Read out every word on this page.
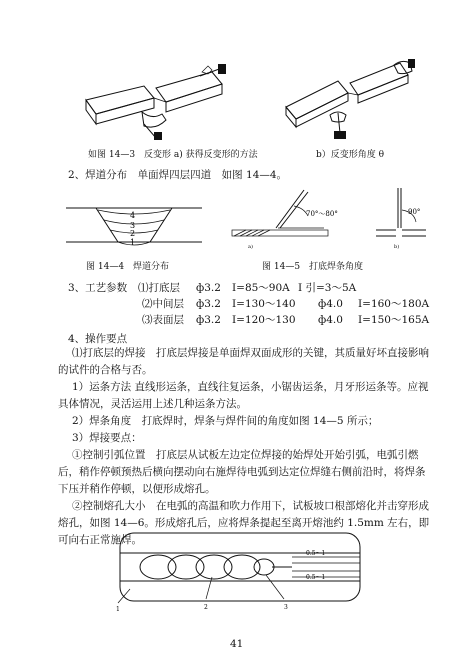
如图 14—3　反变形 a) 获得反变形的方法	b）反变形角度 θ
2、焊道分布　单面焊四层四道　如图 14—4。
4
3
2
1
70°～80°
a)
90°
b)
图 14—4　焊道分布	图 14—5　打底焊条角度
3、工艺参数 ⑴打底层 ф3.2 I=85～90A I 引=3～5A
⑵中间层 ф3.2 I=130～140 ф4.0 I=160～180A
⑶表面层 ф3.2 I=120～130 ф4.0 I=150～165A
4、操作要点
⑴打底层的焊接　打底层焊接是单面焊双面成形的关键，其质量好坏直接影响的试件的合格与否。
1）运条方法 直线形运条，直线往复运条，小锯齿运条，月牙形运条等。应视具体情况，灵活运用上述几种运条方法。
2）焊条角度　打底焊时，焊条与焊件间的角度如图 14—5 所示；
3）焊接要点：
①控制引弧位置　打底层从试板左边定位焊接的始焊处开始引弧，电弧引燃后，稍作停顿预热后横向摆动向右施焊待电弧到达定位焊缝右侧前沿时，将焊条下压并稍作停顿，以便形成熔孔。
②控制熔孔大小　在电弧的高温和吹力作用下，试板坡口根部熔化并击穿形成熔孔，如图 14—6。形成熔孔后，应将焊条提起至离开熔池约 1.5mm 左右，即可向右正常施焊。
0.5～1
0.5～1
1	2	3
41
